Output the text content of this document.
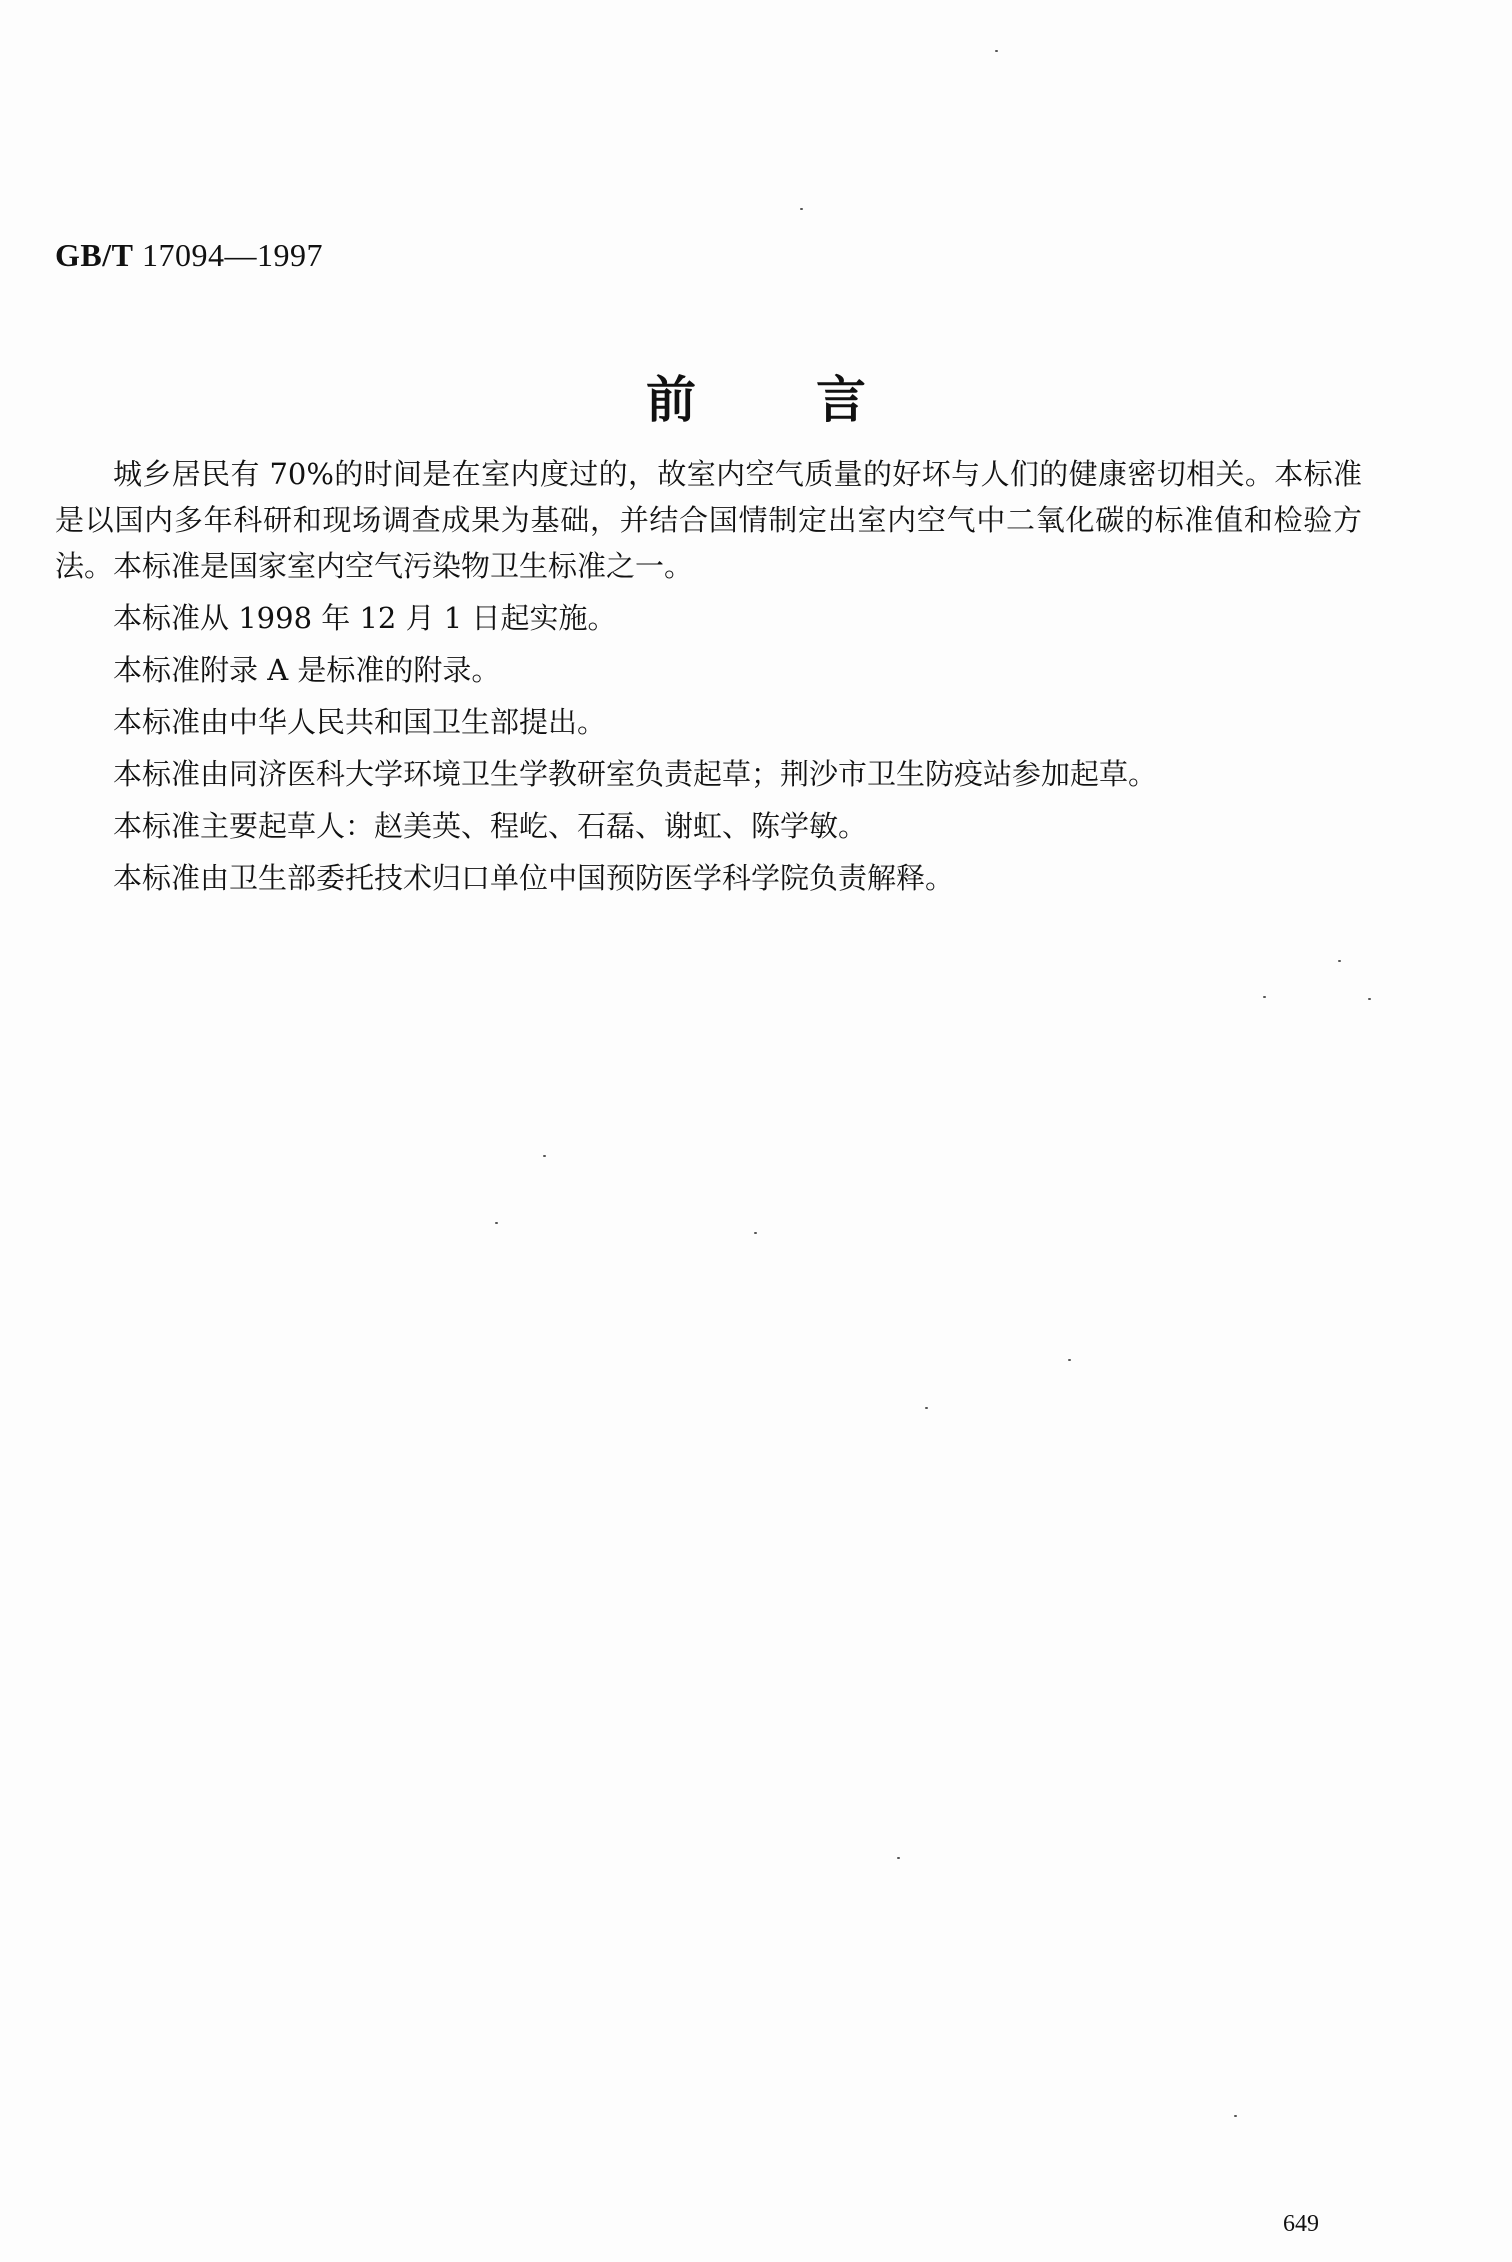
GB/T 17094—1997
前言

城乡居民有 70%的时间是在室内度过的，故室内空气质量的好坏与人们的健康密切相关。本标准是以国内多年科研和现场调查成果为基础，并结合国情制定出室内空气中二氧化碳的标准值和检验方法。本标准是国家室内空气污染物卫生标准之一。

本标准从 1998 年 12 月 1 日起实施。

本标准附录 A 是标准的附录。

本标准由中华人民共和国卫生部提出。

本标准由同济医科大学环境卫生学教研室负责起草；荆沙市卫生防疫站参加起草。

本标准主要起草人：赵美英、程屹、石磊、谢虹、陈学敏。

本标准由卫生部委托技术归口单位中国预防医学科学院负责解释。

649
